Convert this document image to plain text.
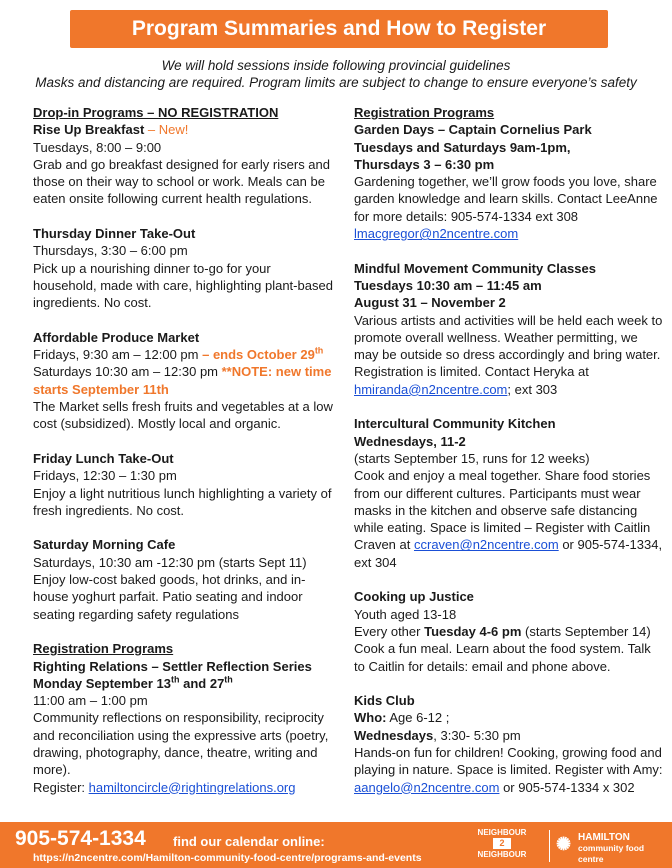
Program Summaries and How to Register
We will hold sessions inside following provincial guidelines
Masks and distancing are required. Program limits are subject to change to ensure everyone’s safety
Drop-in Programs – NO REGISTRATION
Rise Up Breakfast – New!
Tuesdays, 8:00 – 9:00
Grab and go breakfast designed for early risers and those on their way to school or work. Meals can be eaten onsite following current health regulations.
Thursday Dinner Take-Out
Thursdays, 3:30 – 6:00 pm
Pick up a nourishing dinner to-go for your household, made with care, highlighting plant-based ingredients. No cost.
Affordable Produce Market
Fridays, 9:30 am – 12:00 pm – ends October 29th
Saturdays 10:30 am – 12:30 pm **NOTE: new time starts September 11th
The Market sells fresh fruits and vegetables at a low cost (subsidized). Mostly local and organic.
Friday Lunch Take-Out
Fridays, 12:30 – 1:30 pm
Enjoy a light nutritious lunch highlighting a variety of fresh ingredients. No cost.
Saturday Morning Cafe
Saturdays, 10:30 am -12:30 pm (starts Sept 11)
Enjoy low-cost baked goods, hot drinks, and in-house yoghurt parfait. Patio seating and indoor seating regarding safety regulations
Registration Programs
Righting Relations – Settler Reflection Series
Monday September 13th and 27th
11:00 am – 1:00 pm
Community reflections on responsibility, reciprocity and reconciliation using the expressive arts (poetry, drawing, photography, dance, theatre, writing and more).
Register: hamiltoncircle@rightingrelations.org
Registration Programs
Garden Days – Captain Cornelius Park
Tuesdays and Saturdays 9am-1pm,
Thursdays 3 – 6:30 pm
Gardening together, we’ll grow foods you love, share garden knowledge and learn skills. Contact LeeAnne for more details: 905-574-1334 ext 308
lmacgregor@n2ncentre.com
Mindful Movement Community Classes
Tuesdays 10:30 am – 11:45 am
August 31 – November 2
Various artists and activities will be held each week to promote overall wellness. Weather permitting, we may be outside so dress accordingly and bring water. Registration is limited. Contact Heryka at hmiranda@n2ncentre.com; ext 303
Intercultural Community Kitchen
Wednesdays, 11-2
(starts September 15, runs for 12 weeks)
Cook and enjoy a meal together. Share food stories from our different cultures. Participants must wear masks in the kitchen and observe safe distancing while eating. Space is limited – Register with Caitlin Craven at ccraven@n2ncentre.com or 905-574-1334, ext 304
Cooking up Justice
Youth aged 13-18
Every other Tuesday 4-6 pm (starts September 14)
Cook a fun meal. Learn about the food system. Talk to Caitlin for details: email and phone above.
Kids Club
Who: Age 6-12 ;
Wednesdays, 3:30- 5:30 pm
Hands-on fun for children! Cooking, growing food and playing in nature. Space is limited. Register with Amy: aangelo@n2ncentre.com or 905-574-1334 x 302
905-574-1334 find our calendar online:
https://n2ncentre.com/Hamilton-community-food-centre/programs-and-events
NEIGHBOUR
2
NEIGHBOUR
✺ HAMILTON
community food centre
